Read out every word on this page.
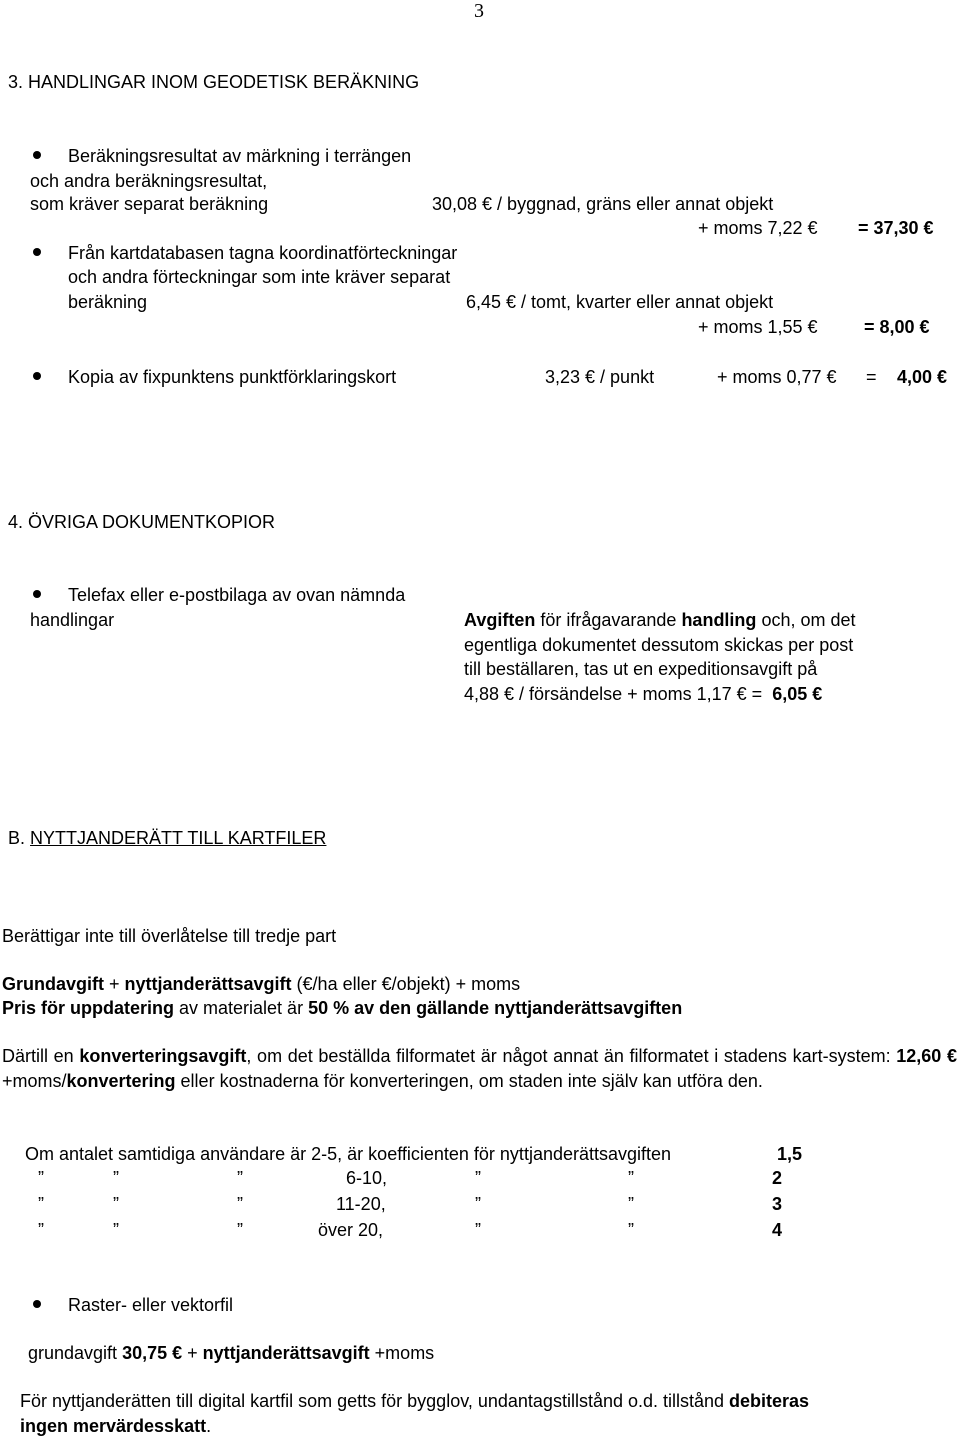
3
3. HANDLINGAR INOM GEODETISK BERÄKNING
Beräkningsresultat av märkning i terrängen
och andra beräkningsresultat,
som kräver separat beräkning	30,08 € / byggnad, gräns eller annat objekt
+ moms 7,22 € = 37,30 €
Från kartdatabasen tagna koordinatförteckningar
och andra förteckningar som inte kräver separat
beräkning	6,45 € / tomt, kvarter eller annat objekt
+ moms 1,55 €	= 8,00 €
Kopia av fixpunktens punktförklaringskort	3,23 € / punkt	+ moms 0,77 € = 4,00 €
4. ÖVRIGA DOKUMENTKOPIOR
Telefax eller e-postbilaga av ovan nämnda
handlingar	Avgiften för ifrågavarande handling och, om det
egentliga dokumentet dessutom skickas per post
till beställaren, tas ut en expeditionsavgift på
4,88 € / försändelse + moms 1,17 € = 6,05 €
B. NYTTJANDERÄTT TILL KARTFILER
Berättigar inte till överlåtelse till tredje part
Grundavgift + nyttjanderättsavgift (€/ha eller €/objekt) + moms
Pris för uppdatering av materialet är 50 % av den gällande nyttjanderättsavgiften
Därtill en konverteringsavgift, om det beställda filformatet är något annat än filformatet i stadens kart-system: 12,60 €+moms/konvertering eller kostnaderna för konverteringen, om staden inte själv kan utföra den.
Om antalet samtidiga användare är 2-5, är koefficienten för nyttjanderättsavgiften	1,5
”	”	”	6-10,	”	”	2
”	”	”	11-20,	”	”	3
”	”	”	över 20,	”	”	4
Raster- eller vektorfil
grundavgift 30,75 € + nyttjanderättsavgift +moms
För nyttjanderätten till digital kartfil som getts för bygglov, undantagstillstånd o.d. tillstånd debiteras
ingen mervärdesskatt.
